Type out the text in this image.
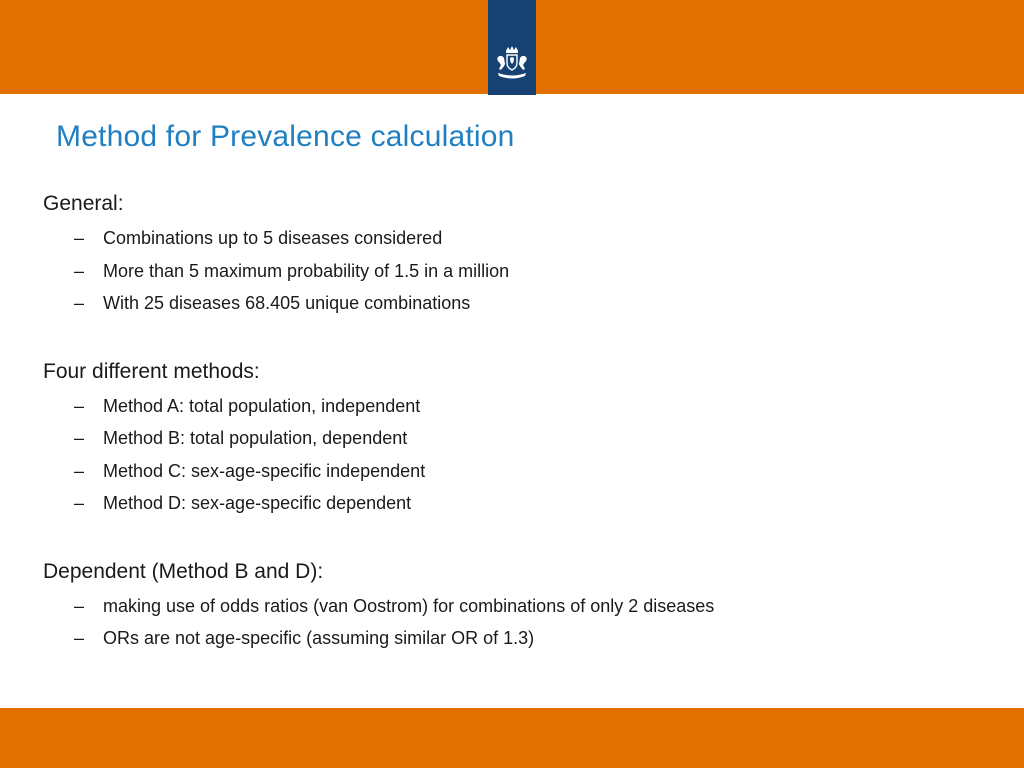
Method for Prevalence calculation
General:
– Combinations up to 5 diseases considered
– More than 5 maximum probability of 1.5 in a million
– With 25 diseases 68.405 unique combinations
Four different methods:
– Method A: total population, independent
– Method B: total population, dependent
– Method C: sex-age-specific independent
– Method D: sex-age-specific dependent
Dependent (Method B and D):
– making use of odds ratios (van Oostrom) for combinations of only 2 diseases
– ORs are not age-specific (assuming similar OR of 1.3)
